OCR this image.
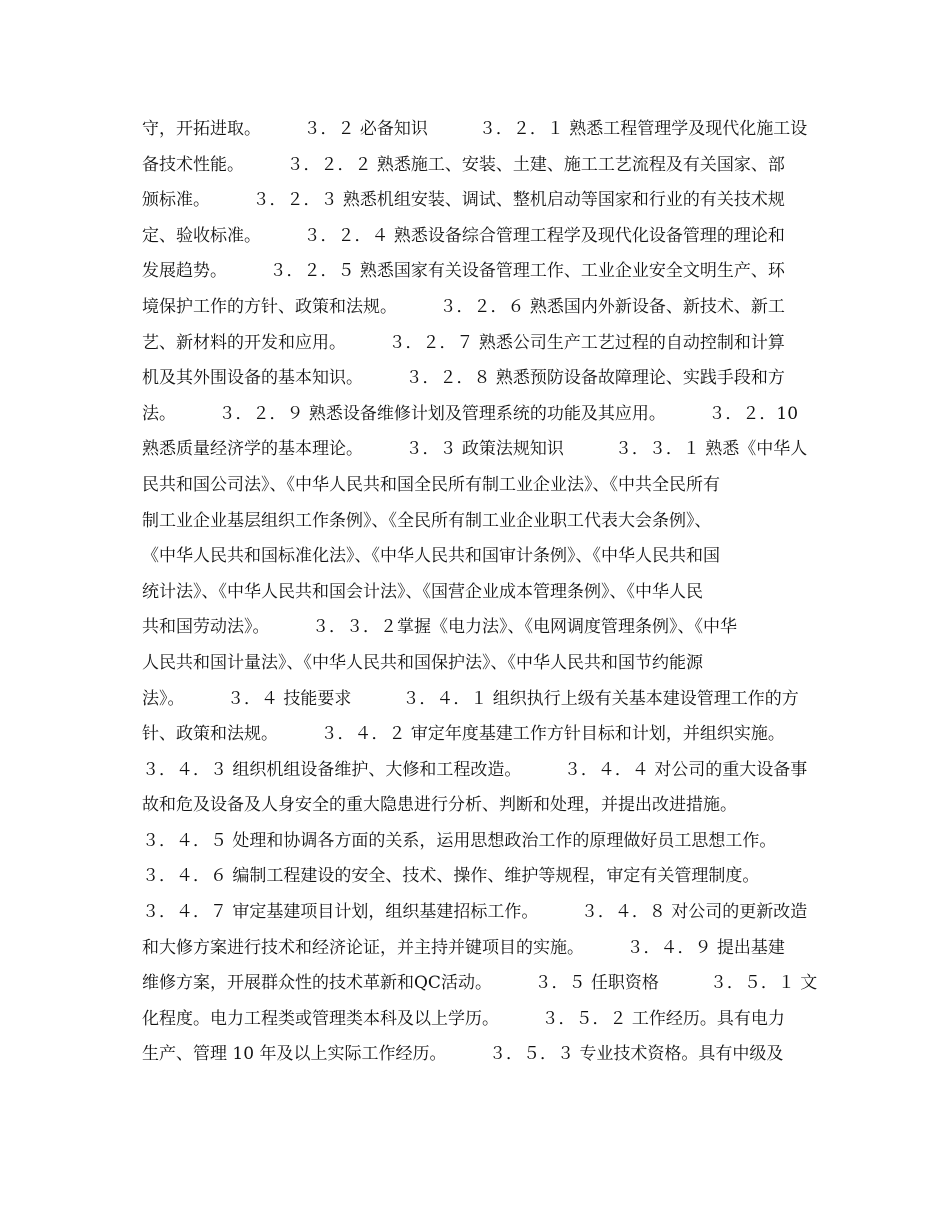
守，开拓进取。　　　３．２ 必备知识　　　３．２．１ 熟悉工程管理学及现代化施工设
备技术性能。　　　３．２．２ 熟悉施工、安装、土建、施工工艺流程及有关国家、部
颁标准。　　　３．２．３ 熟悉机组安装、调试、整机启动等国家和行业的有关技术规
定、验收标准。　　　３．２．４ 熟悉设备综合管理工程学及现代化设备管理的理论和
发展趋势。　　　３．２．５ 熟悉国家有关设备管理工作、工业企业安全文明生产、环
境保护工作的方针、政策和法规。　　　３．２．６ 熟悉国内外新设备、新技术、新工
艺、新材料的开发和应用。　　　３．２．７ 熟悉公司生产工艺过程的自动控制和计算
机及其外围设备的基本知识。　　　３．２．８ 熟悉预防设备故障理论、实践手段和方
法。　　　３．２．９ 熟悉设备维修计划及管理系统的功能及其应用。　　　３．２．10
熟悉质量经济学的基本理论。　　　３．３ 政策法规知识　　　３．３．１ 熟悉《中华人
民共和国公司法》、《中华人民共和国全民所有制工业企业法》、《中共全民所有
制工业企业基层组织工作条例》、《全民所有制工业企业职工代表大会条例》、
《中华人民共和国标准化法》、《中华人民共和国审计条例》、《中华人民共和国
统计法》、《中华人民共和国会计法》、《国营企业成本管理条例》、《中华人民
共和国劳动法》。　　　３．３．２掌握《电力法》、《电网调度管理条例》、《中华
人民共和国计量法》、《中华人民共和国保护法》、《中华人民共和国节约能源
法》。　　　３．４ 技能要求　　　３．４．１ 组织执行上级有关基本建设管理工作的方
针、政策和法规。　　　３．４．２ 审定年度基建工作方针目标和计划，并组织实施。
３．４．３ 组织机组设备维护、大修和工程改造。　　　３．４．４ 对公司的重大设备事
故和危及设备及人身安全的重大隐患进行分析、判断和处理，并提出改进措施。
３．４．５ 处理和协调各方面的关系，运用思想政治工作的原理做好员工思想工作。
３．４．６ 编制工程建设的安全、技术、操作、维护等规程，审定有关管理制度。
３．４．７ 审定基建项目计划，组织基建招标工作。　　　３．４．８ 对公司的更新改造
和大修方案进行技术和经济论证，并主持并键项目的实施。　　　３．４．９ 提出基建
维修方案，开展群众性的技术革新和QC活动。　　　３．５ 任职资格　　　３．５．１ 文
化程度。电力工程类或管理类本科及以上学历。　　　３．５．２ 工作经历。具有电力
生产、管理 10 年及以上实际工作经历。　　　３．５．３ 专业技术资格。具有中级及
